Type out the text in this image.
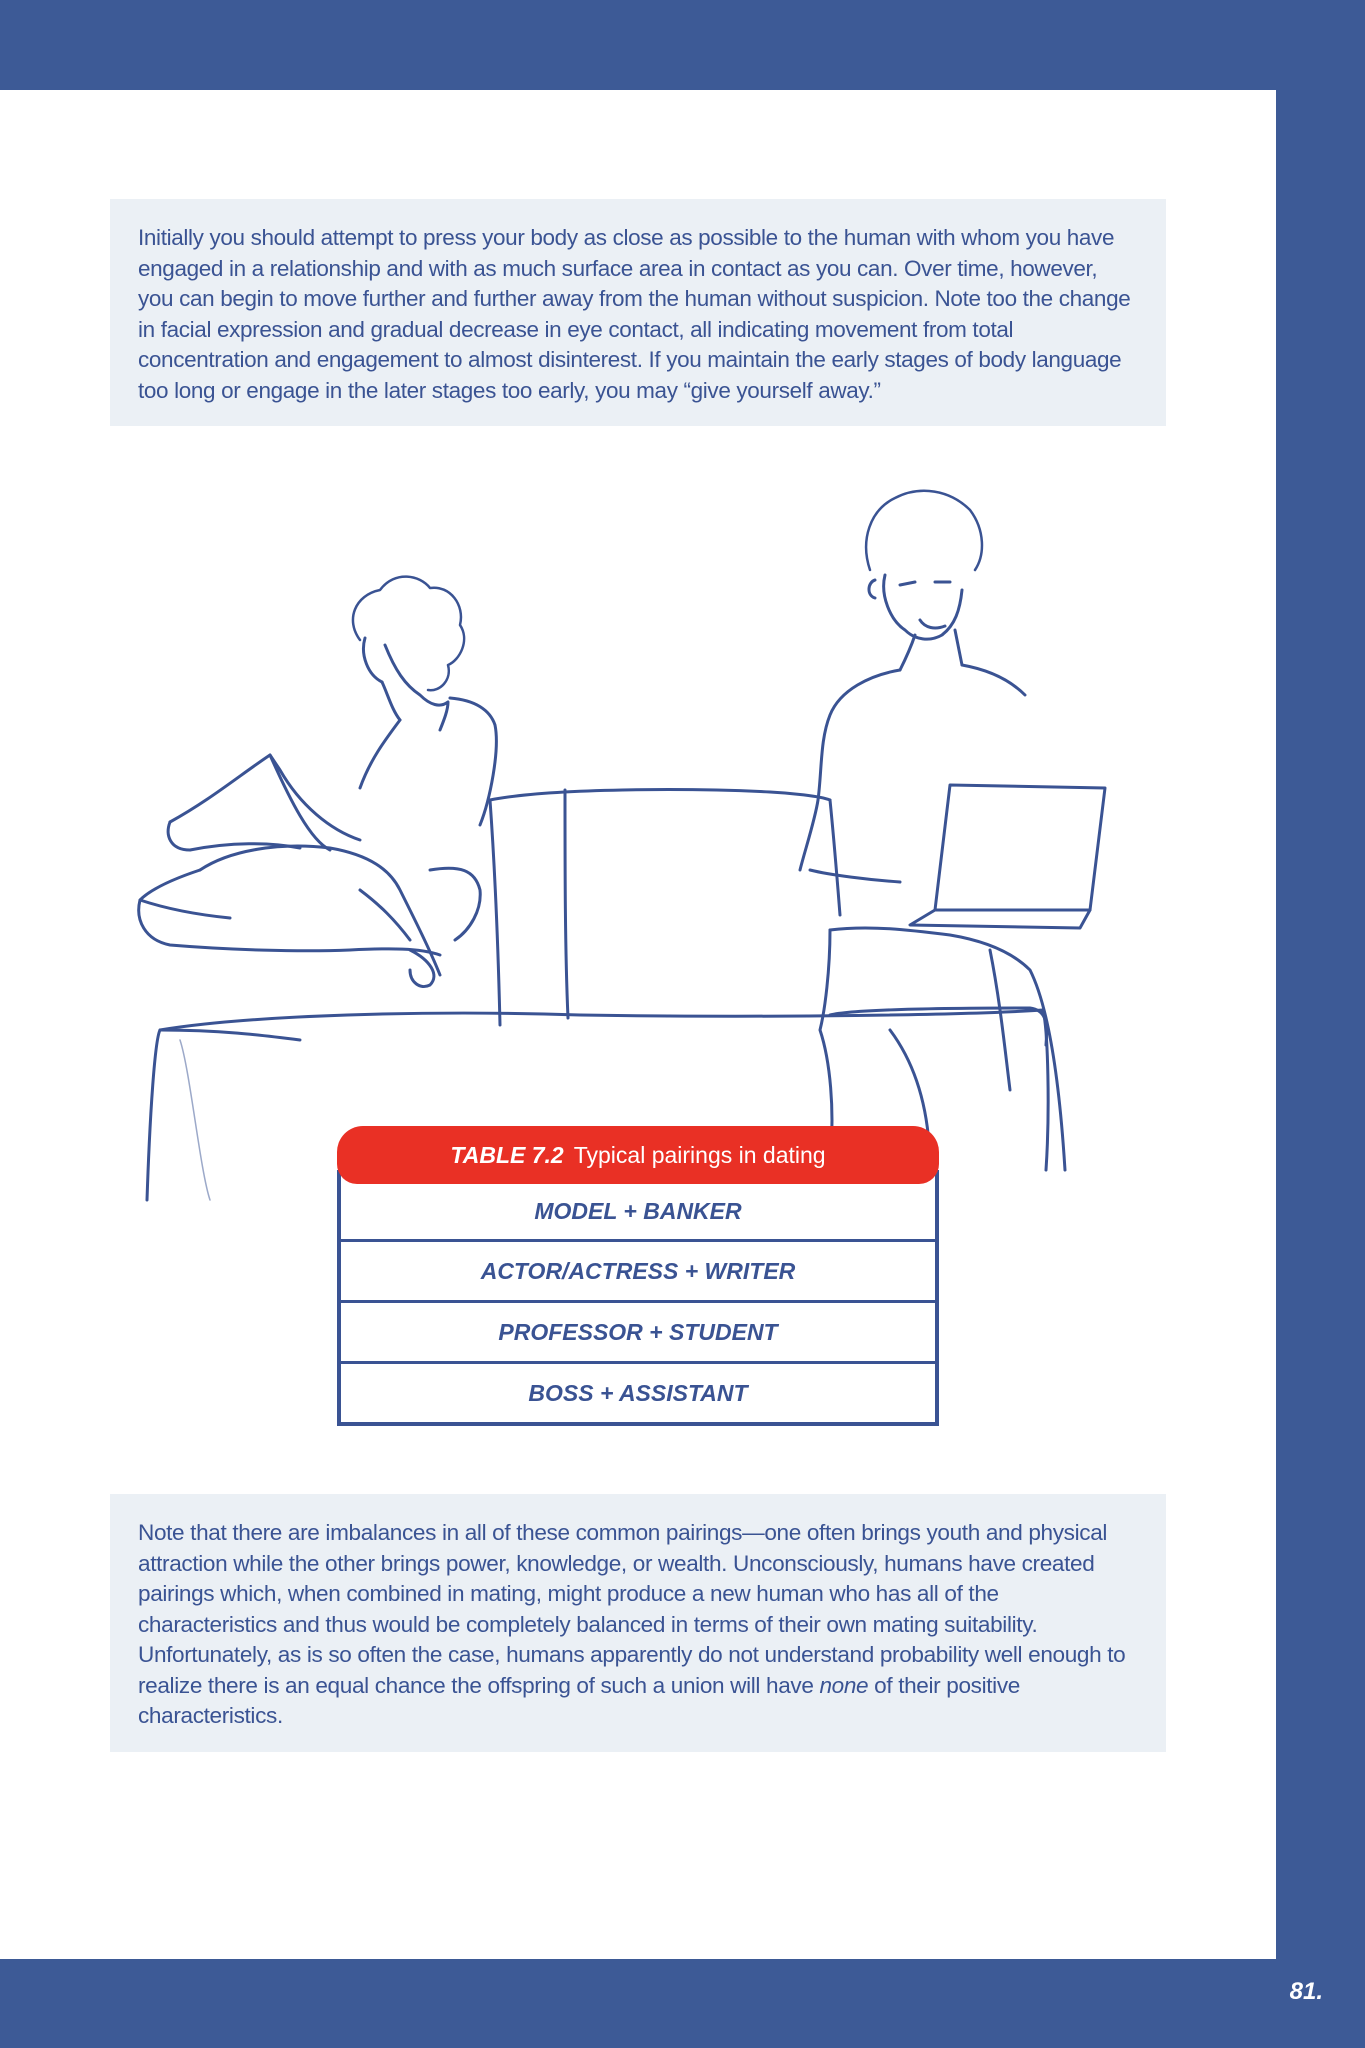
Initially you should attempt to press your body as close as possible to the human with whom you have engaged in a relationship and with as much surface area in contact as you can. Over time, however, you can begin to move further and further away from the human without suspicion. Note too the change in facial expression and gradual decrease in eye contact, all indicating movement from total concentration and engagement to almost disinterest. If you maintain the early stages of body language too long or engage in the later stages too early, you may “give yourself away.”

TABLE 7.2 Typical pairings in dating
MODEL + BANKER
ACTOR/ACTRESS + WRITER
PROFESSOR + STUDENT
BOSS + ASSISTANT

Note that there are imbalances in all of these common pairings—one often brings youth and physical attraction while the other brings power, knowledge, or wealth. Unconsciously, humans have created pairings which, when combined in mating, might produce a new human who has all of the characteristics and thus would be completely balanced in terms of their own mating suitability. Unfortunately, as is so often the case, humans apparently do not understand probability well enough to realize there is an equal chance the offspring of such a union will have none of their positive characteristics.

81.
